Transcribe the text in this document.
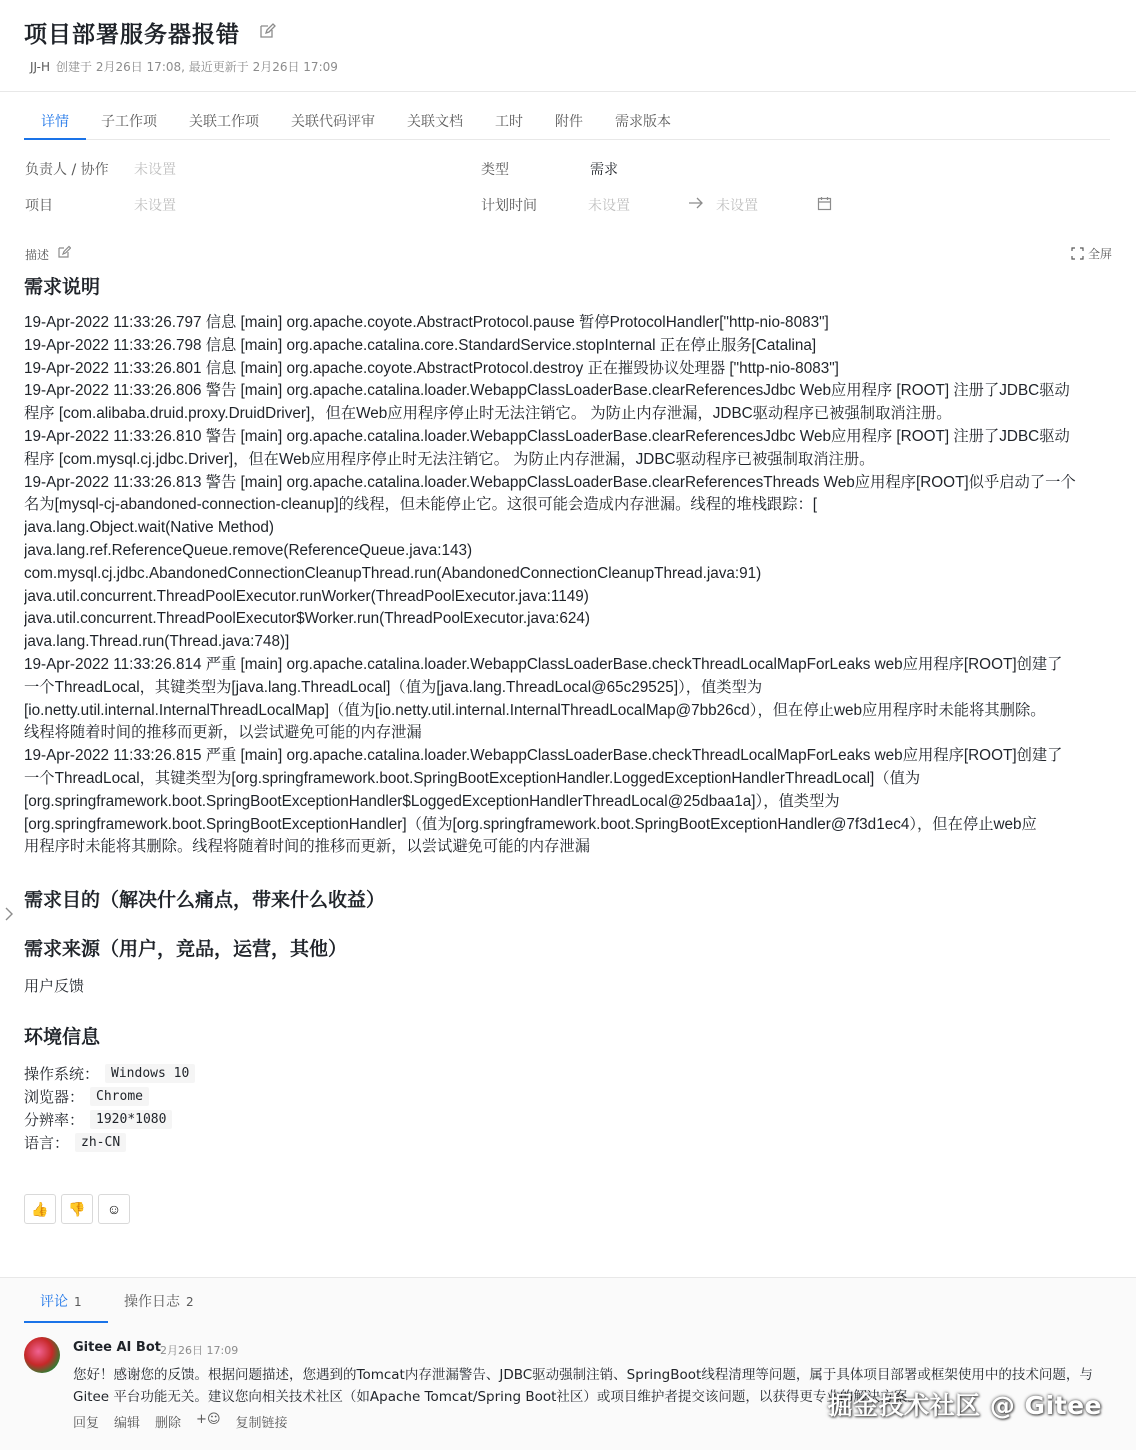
项目部署服务器报错
JJ-H 创建于 2月26日 17:08, 最近更新于 2月26日 17:09
详情 子工作项 关联工作项 关联代码评审 关联文档 工时 附件 需求版本
负责人 / 协作 未设置	类型	需求
项目	未设置	计划时间	未设置	未设置
描述	全屏
需求说明
19-Apr-2022 11:33:26.797 信息 [main] org.apache.coyote.AbstractProtocol.pause 暂停ProtocolHandler["http-nio-8083"]
19-Apr-2022 11:33:26.798 信息 [main] org.apache.catalina.core.StandardService.stopInternal 正在停止服务[Catalina]
19-Apr-2022 11:33:26.801 信息 [main] org.apache.coyote.AbstractProtocol.destroy 正在摧毁协议处理器 ["http-nio-8083"]
19-Apr-2022 11:33:26.806 警告 [main] org.apache.catalina.loader.WebappClassLoaderBase.clearReferencesJdbc Web应用程序 [ROOT] 注册了JDBC驱动
程序 [com.alibaba.druid.proxy.DruidDriver]，但在Web应用程序停止时无法注销它。 为防止内存泄漏，JDBC驱动程序已被强制取消注册。
19-Apr-2022 11:33:26.810 警告 [main] org.apache.catalina.loader.WebappClassLoaderBase.clearReferencesJdbc Web应用程序 [ROOT] 注册了JDBC驱动
程序 [com.mysql.cj.jdbc.Driver]，但在Web应用程序停止时无法注销它。 为防止内存泄漏，JDBC驱动程序已被强制取消注册。
19-Apr-2022 11:33:26.813 警告 [main] org.apache.catalina.loader.WebappClassLoaderBase.clearReferencesThreads Web应用程序[ROOT]似乎启动了一个
名为[mysql-cj-abandoned-connection-cleanup]的线程，但未能停止它。这很可能会造成内存泄漏。线程的堆栈跟踪：[
java.lang.Object.wait(Native Method)
java.lang.ref.ReferenceQueue.remove(ReferenceQueue.java:143)
com.mysql.cj.jdbc.AbandonedConnectionCleanupThread.run(AbandonedConnectionCleanupThread.java:91)
java.util.concurrent.ThreadPoolExecutor.runWorker(ThreadPoolExecutor.java:1149)
java.util.concurrent.ThreadPoolExecutor$Worker.run(ThreadPoolExecutor.java:624)
java.lang.Thread.run(Thread.java:748)]
19-Apr-2022 11:33:26.814 严重 [main] org.apache.catalina.loader.WebappClassLoaderBase.checkThreadLocalMapForLeaks web应用程序[ROOT]创建了
一个ThreadLocal，其键类型为[java.lang.ThreadLocal]（值为[java.lang.ThreadLocal@65c29525]），值类型为
[io.netty.util.internal.InternalThreadLocalMap]（值为[io.netty.util.internal.InternalThreadLocalMap@7bb26cd），但在停止web应用程序时未能将其删除。
线程将随着时间的推移而更新，以尝试避免可能的内存泄漏
19-Apr-2022 11:33:26.815 严重 [main] org.apache.catalina.loader.WebappClassLoaderBase.checkThreadLocalMapForLeaks web应用程序[ROOT]创建了
一个ThreadLocal，其键类型为[org.springframework.boot.SpringBootExceptionHandler.LoggedExceptionHandlerThreadLocal]（值为
[org.springframework.boot.SpringBootExceptionHandler$LoggedExceptionHandlerThreadLocal@25dbaa1a]），值类型为
[org.springframework.boot.SpringBootExceptionHandler]（值为[org.springframework.boot.SpringBootExceptionHandler@7f3d1ec4），但在停止web应
用程序时未能将其删除。线程将随着时间的推移而更新，以尝试避免可能的内存泄漏
需求目的（解决什么痛点，带来什么收益）
需求来源（用户，竞品，运营，其他）

用户反馈

环境信息
操作系统： Windows 10
浏览器： Chrome
分辨率： 1920*1080
语言： zh-CN
👍	👎	☺
评论 1	操作日志 2
Gitee AI Bot 2月26日 17:09

您好！感谢您的反馈。根据问题描述，您遇到的Tomcat内存泄漏警告、JDBC驱动强制注销、SpringBoot线程清理等问题，属于具体项目部署或框架使用中的技术问题，与 Gitee 平台功能无关。建议您向相关技术社区（如Apache Tomcat/Spring Boot社区）或项目维护者提交该问题，以获得更专业的解决方案。

回复 编辑 删除 +☺ 复制链接
掘金技术社区 @ Gitee
